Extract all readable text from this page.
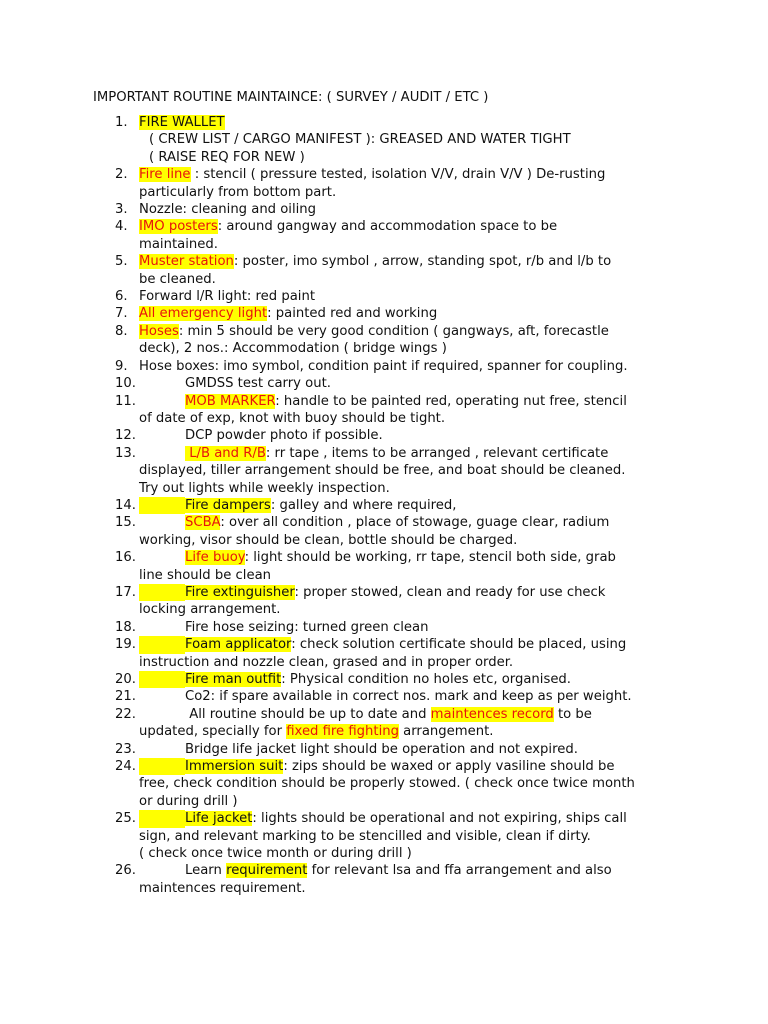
IMPORTANT ROUTINE MAINTAINCE: ( SURVEY / AUDIT / ETC )
1. FIRE WALLET
( CREW LIST / CARGO MANIFEST ): GREASED AND WATER TIGHT
( RAISE REQ FOR NEW )
2. Fire line : stencil ( pressure tested, isolation V/V, drain V/V ) De-rusting
particularly from bottom part.
3. Nozzle: cleaning and oiling
4. IMO posters: around gangway and accommodation space to be
maintained.
5. Muster station: poster, imo symbol , arrow, standing spot, r/b and l/b to
be cleaned.
6. Forward l/R light: red paint
7. All emergency light: painted red and working
8. Hoses: min 5 should be very good condition ( gangways, aft, forecastle
deck), 2 nos.: Accommodation ( bridge wings )
9. Hose boxes: imo symbol, condition paint if required, spanner for coupling.
10.	GMDSS test carry out.
11.	MOB MARKER: handle to be painted red, operating nut free, stencil
of date of exp, knot with buoy should be tight.
12.	DCP powder photo if possible.
13.	L/B and R/B: rr tape , items to be arranged , relevant certificate
displayed, tiller arrangement should be free, and boat should be cleaned.
Try out lights while weekly inspection.
14.	Fire dampers: galley and where required,
15.	SCBA: over all condition , place of stowage, guage clear, radium
working, visor should be clean, bottle should be charged.
16.	Life buoy: light should be working, rr tape, stencil both side, grab
line should be clean
17.	Fire extinguisher: proper stowed, clean and ready for use check
locking arrangement.
18.	Fire hose seizing: turned green clean
19.	Foam applicator: check solution certificate should be placed, using
instruction and nozzle clean, grased and in proper order.
20.	Fire man outfit: Physical condition no holes etc, organised.
21.	Co2: if spare available in correct nos. mark and keep as per weight.
22.	All routine should be up to date and maintences record to be
updated, specially for fixed fire fighting arrangement.
23.	Bridge life jacket light should be operation and not expired.
24.	Immersion suit: zips should be waxed or apply vasiline should be
free, check condition should be properly stowed. ( check once twice month
or during drill )
25.	Life jacket: lights should be operational and not expiring, ships call
sign, and relevant marking to be stencilled and visible, clean if dirty.
( check once twice month or during drill )
26.	Learn requirement for relevant lsa and ffa arrangement and also
maintences requirement.
